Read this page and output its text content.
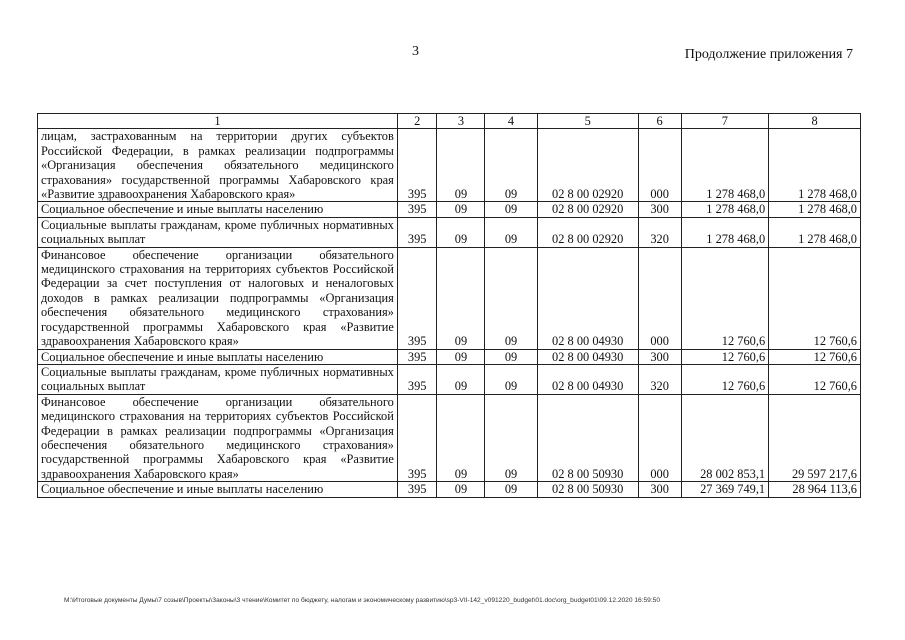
3	Продолжение приложения 7
1	2	3	4	5	6	7	8
лицам, застрахованным на территории других субъектов Российской Федерации, в рамках реализации подпрограммы «Организация обеспечения обязательного медицинского страхования» государственной программы Хабаровского края «Развитие здравоохранения Хабаровского края»	395	09	09	02 8 00 02920	000	1 278 468,0	1 278 468,0
Социальное обеспечение и иные выплаты населению	395	09	09	02 8 00 02920	300	1 278 468,0	1 278 468,0
Социальные выплаты гражданам, кроме публичных нормативных социальных выплат	395	09	09	02 8 00 02920	320	1 278 468,0	1 278 468,0
Финансовое обеспечение организации обязательного медицинского страхования на территориях субъектов Российской Федерации за счет поступления от налоговых и неналоговых доходов в рамках реализации подпрограммы «Организация обеспечения обязательного медицинского страхования» государственной программы Хабаровского края «Развитие здравоохранения Хабаровского края»	395	09	09	02 8 00 04930	000	12 760,6	12 760,6
Социальное обеспечение и иные выплаты населению	395	09	09	02 8 00 04930	300	12 760,6	12 760,6
Социальные выплаты гражданам, кроме публичных нормативных социальных выплат	395	09	09	02 8 00 04930	320	12 760,6	12 760,6
Финансовое обеспечение организации обязательного медицинского страхования на территориях субъектов Российской Федерации в рамках реализации подпрограммы «Организация обеспечения обязательного медицинского страхования» государственной программы Хабаровского края «Развитие здравоохранения Хабаровского края»	395	09	09	02 8 00 50930	000	28 002 853,1	29 597 217,6
Социальное обеспечение и иные выплаты населению	395	09	09	02 8 00 50930	300	27 369 749,1	28 964 113,6
M:\Итоговые документы Думы\7 созыв\Проекты\Законы\3 чтение\Комитет по бюджету, налогам и экономическому развитию\sp3-VII-142_v091220_budget\01.doc\org_budget01\09.12.2020 16:59:50
